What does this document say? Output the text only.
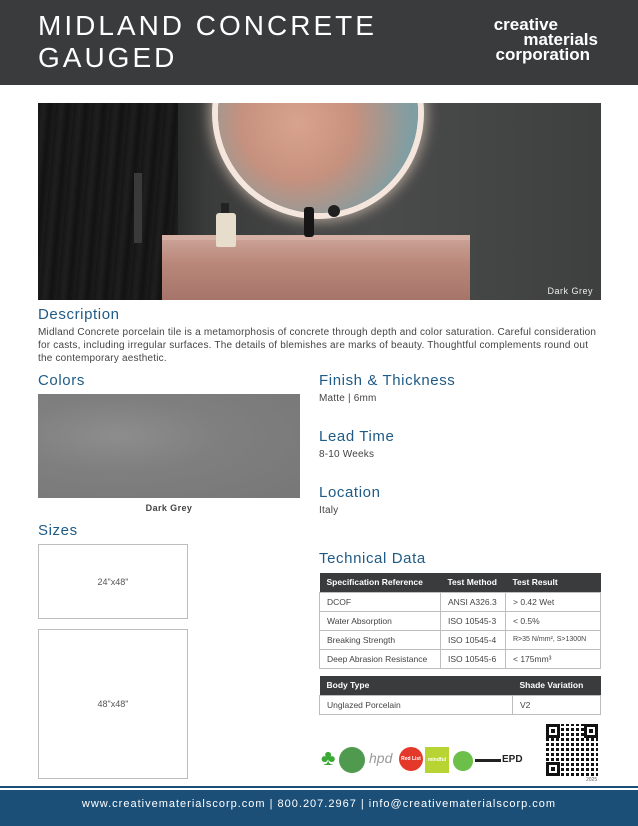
MIDLAND CONCRETE
GAUGED
creative
materials
corporation
Dark Grey
Description
Midland Concrete porcelain tile is a metamorphosis of concrete through depth and color saturation. Careful consideration for casts, including irregular surfaces. The details of blemishes are marks of beauty. Thoughtful complements round out the contemporary aesthetic.
Colors
Dark Grey
Sizes
24"x48"
48"x48"
Finish & Thickness
Matte | 6mm
Lead Time
8-10 Weeks
Location
Italy
Technical Data
Specification Reference	Test Method	Test Result
DCOF	ANSI A326.3	> 0.42 Wet
Water Absorption	ISO 10545-3	< 0.5%
Breaking Strength	ISO 10545-4	R>35 N/mm², S>1300N
Deep Abrasion Resistance	ISO 10545-6	< 175mm³
Body Type	Shade Variation
Unglazed Porcelain	V2
♣ hpd	Red List Free
mindful	EPD
2025
www.creativematerialscorp.com | 800.207.2967 | info@creativematerialscorp.com
